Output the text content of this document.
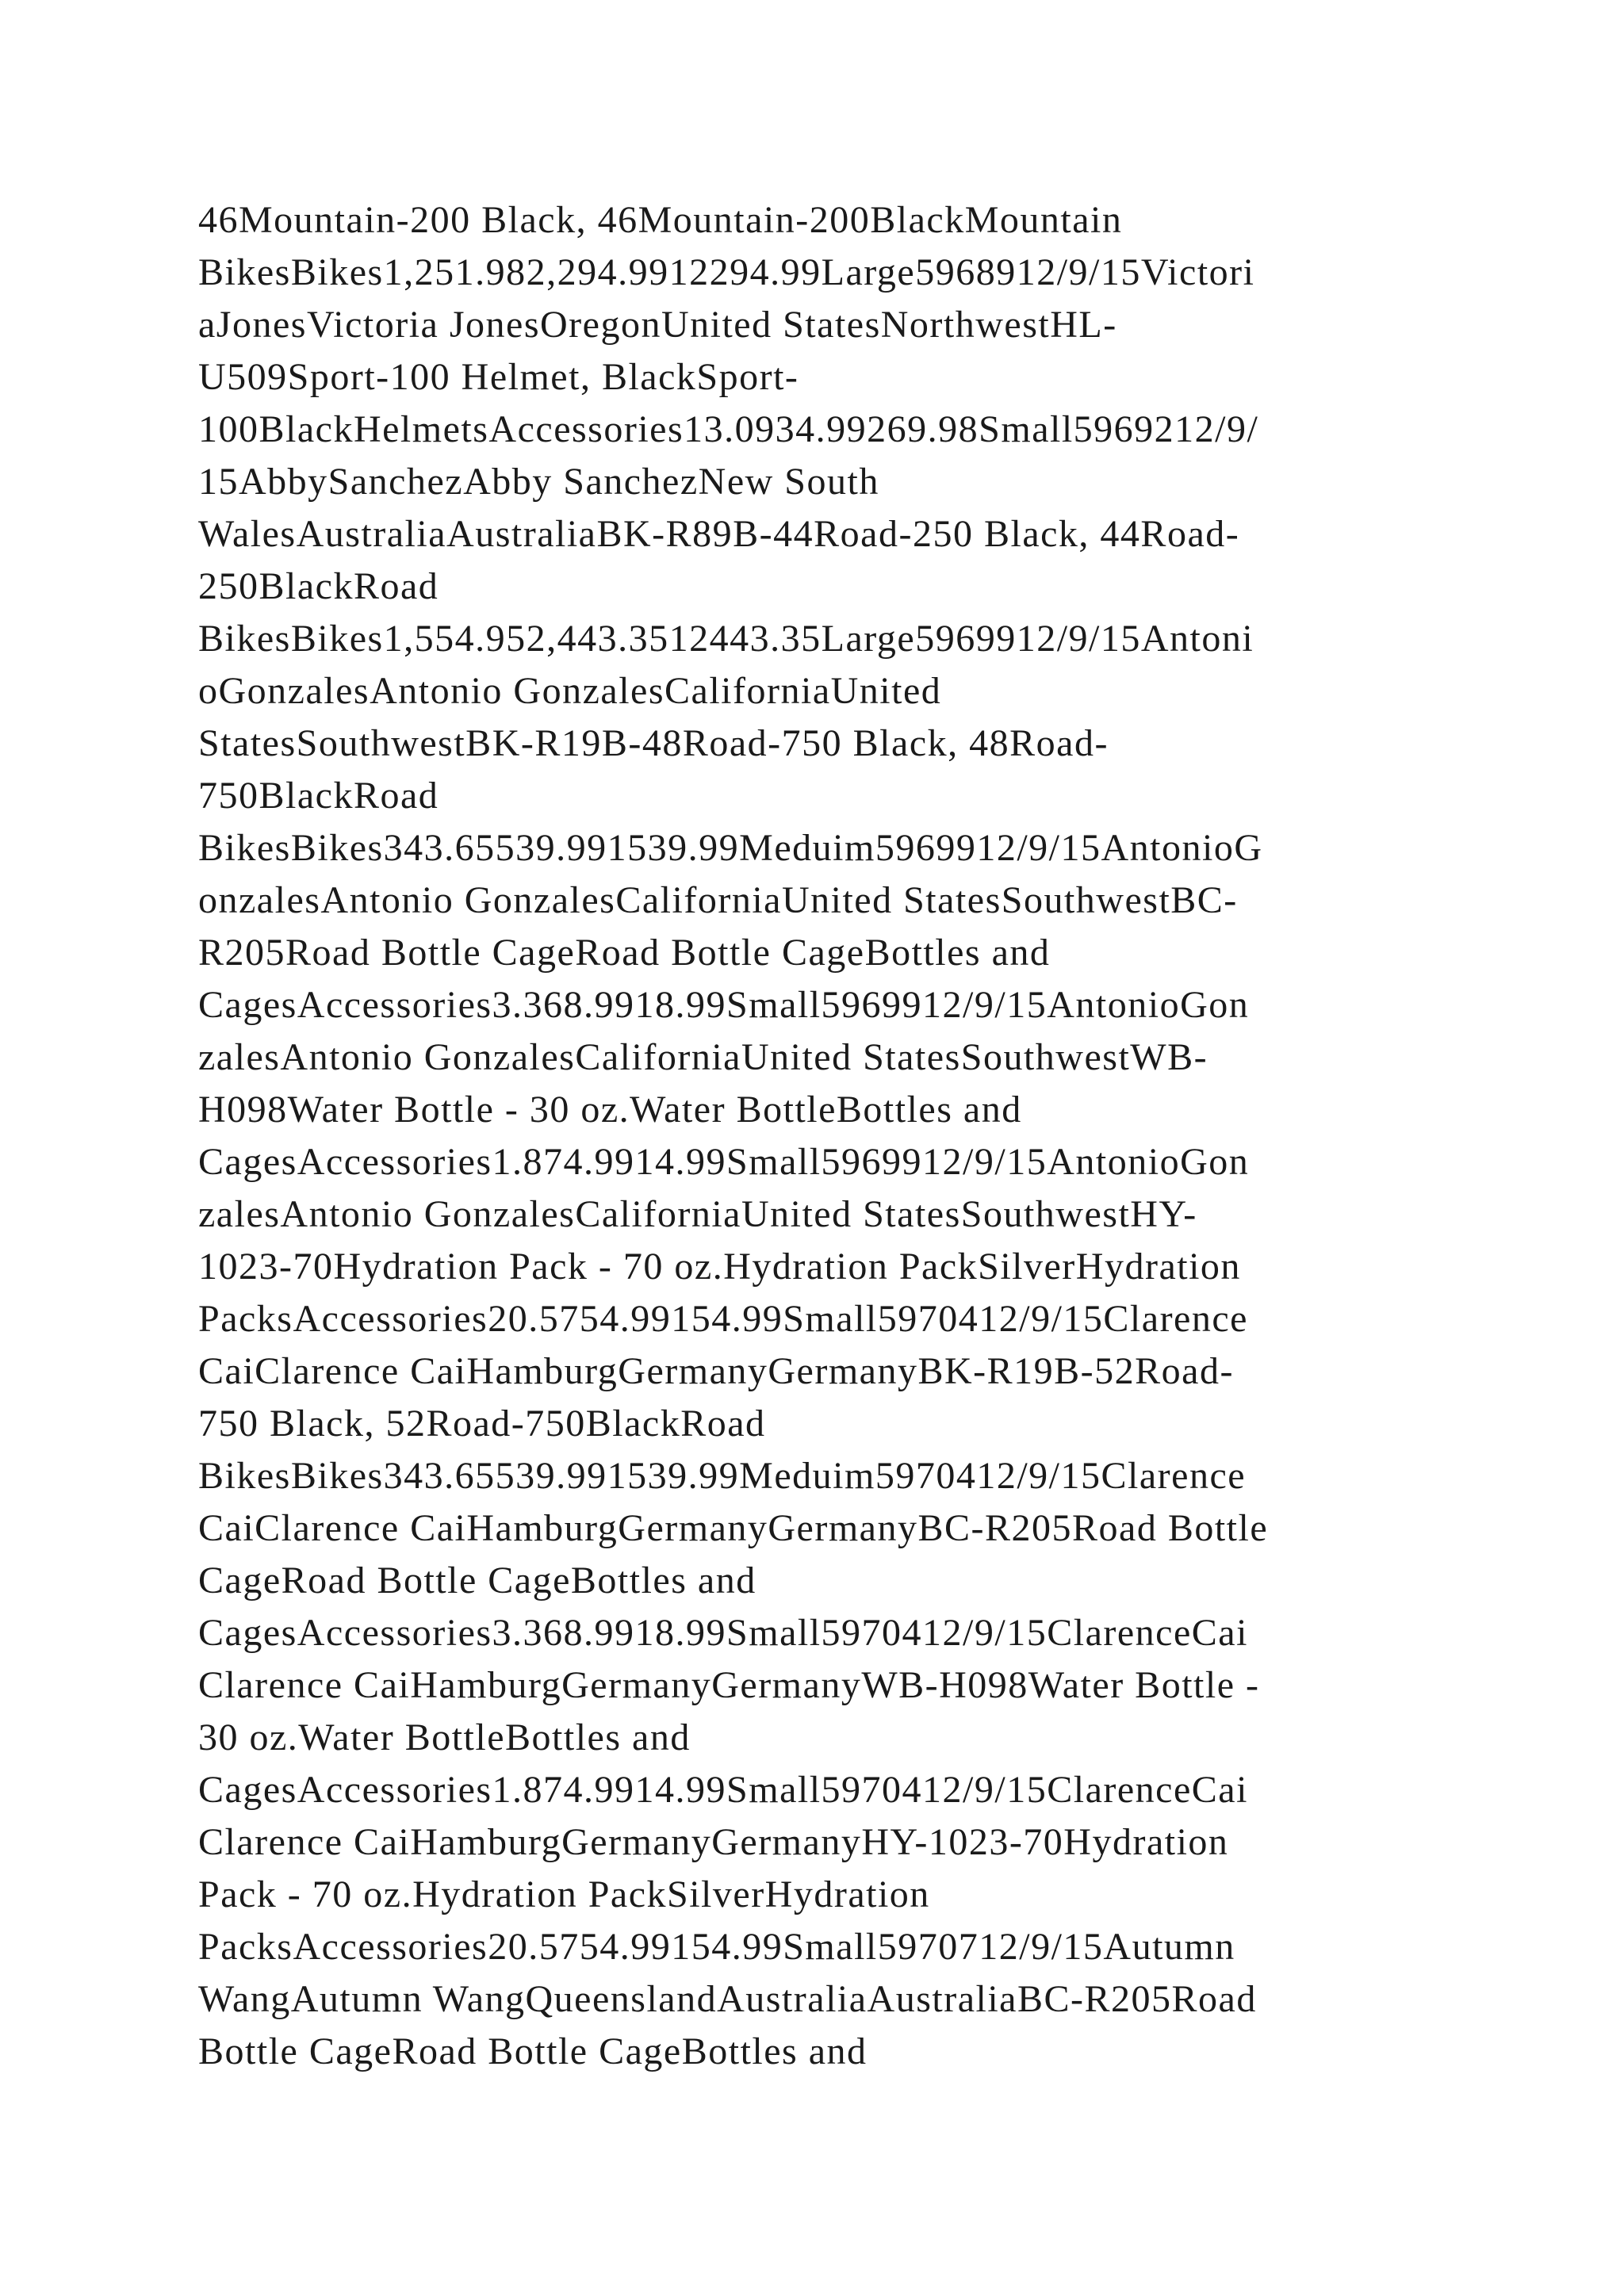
46Mountain-200 Black, 46Mountain-200BlackMountain
BikesBikes1,251.982,294.9912294.99Large5968912/9/15Victori
aJonesVictoria JonesOregonUnited StatesNorthwestHL-
U509Sport-100 Helmet, BlackSport-
100BlackHelmetsAccessories13.0934.99269.98Small5969212/9/
15AbbySanchezAbby SanchezNew South
WalesAustraliaAustraliaBK-R89B-44Road-250 Black, 44Road-
250BlackRoad
BikesBikes1,554.952,443.3512443.35Large5969912/9/15Antoni
oGonzalesAntonio GonzalesCaliforniaUnited
StatesSouthwestBK-R19B-48Road-750 Black, 48Road-
750BlackRoad
BikesBikes343.65539.991539.99Meduim5969912/9/15AntonioG
onzalesAntonio GonzalesCaliforniaUnited StatesSouthwestBC-
R205Road Bottle CageRoad Bottle CageBottles and
CagesAccessories3.368.9918.99Small5969912/9/15AntonioGon
zalesAntonio GonzalesCaliforniaUnited StatesSouthwestWB-
H098Water Bottle - 30 oz.Water BottleBottles and
CagesAccessories1.874.9914.99Small5969912/9/15AntonioGon
zalesAntonio GonzalesCaliforniaUnited StatesSouthwestHY-
1023-70Hydration Pack - 70 oz.Hydration PackSilverHydration
PacksAccessories20.5754.99154.99Small5970412/9/15Clarence
CaiClarence CaiHamburgGermanyGermanyBK-R19B-52Road-
750 Black, 52Road-750BlackRoad
BikesBikes343.65539.991539.99Meduim5970412/9/15Clarence
CaiClarence CaiHamburgGermanyGermanyBC-R205Road Bottle
CageRoad Bottle CageBottles and
CagesAccessories3.368.9918.99Small5970412/9/15ClarenceCai
Clarence CaiHamburgGermanyGermanyWB-H098Water Bottle -
30 oz.Water BottleBottles and
CagesAccessories1.874.9914.99Small5970412/9/15ClarenceCai
Clarence CaiHamburgGermanyGermanyHY-1023-70Hydration
Pack - 70 oz.Hydration PackSilverHydration
PacksAccessories20.5754.99154.99Small5970712/9/15Autumn
WangAutumn WangQueenslandAustraliaAustraliaBC-R205Road
Bottle CageRoad Bottle CageBottles and
